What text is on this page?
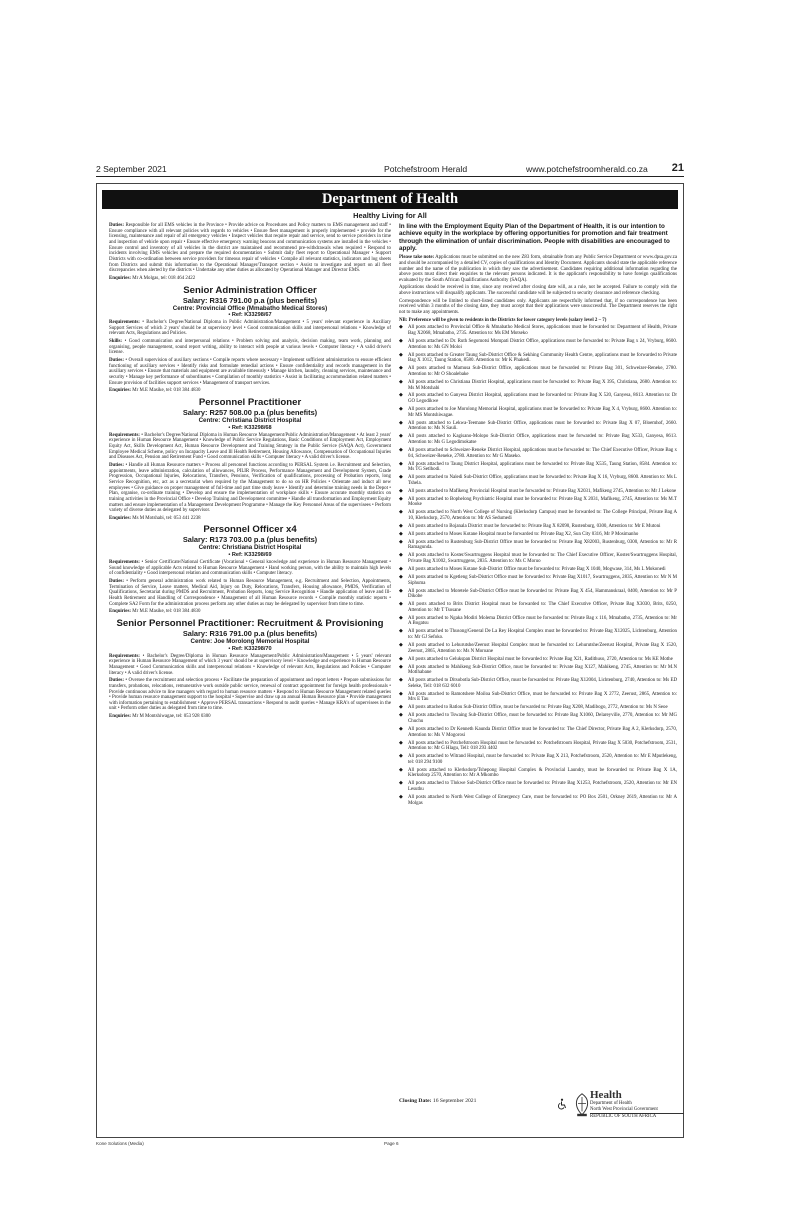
2 September 2021	Potchefstroom Herald	www.potchefstroomherald.co.za 21
Department of Health
Healthy Living for All

Duties: Responsible for all EMS vehicles in the Province • Provide advice on Procedures and Policy matters to EMS management and staff • Ensure compliance with all relevant policies with regards to vehicles • Ensure fleet management is properly implemented • provide for the licensing, maintenance and repair of all emergency vehicles • Inspect vehicles that require repair and service, send to service providers in time and inspection of vehicle upon repair • Ensure effective emergency warning beacons and communication systems are installed in the vehicles • Ensure control and inventory of all vehicles in the district are maintained and recommend pre-withdrawals when required • Respond to incidents involving EMS vehicles and prepare the required documentation • Submit daily fleet report to Operational Manager • Support Districts with co-ordination between service providers for timeous repair of vehicles • Compile all relevant statistics, indicators and log sheets from Districts and submit this information to the Operational Manager/Transport section • Assist to investigate and report on all fleet discrepancies when alerted by the districts • Undertake any other duties as allocated by Operational Manager and Director EMS.

Enquiries: Mr A Molgas, tel: 018 464 2422

Senior Administration Officer
Salary: R316 791.00 p.a (plus benefits)
Centre: Provincial Office (Mmabatho Medical Stores)
• Ref: K33298/67

Requirements: • Bachelor's Degree/National Diploma in Public Administration/Management • 5 years' relevant experience in Auxiliary Support Services of which 2 years' should be at supervisory level • Good communication skills and interpersonal relations • Knowledge of relevant Acts, Regulations and Policies.

Skills: • Good communication and interpersonal relations • Problem solving and analysis, decision making, team work, planning and organising, people management, sound report writing, ability to interact with people at various levels • Computer literacy • A valid driver's license.

Duties: • Overall supervision of auxiliary sections • Compile reports where necessary • Implement sufficient administration to ensure efficient functioning of auxiliary services • Identify risks and formulate remedial actions • Ensure confidentiality and records management in the auxiliary services • Ensure that materials and equipment are available timeously • Manage kitchen, laundry, cleaning services, maintenance and security • Manage key performance of subordinates • Compilation of monthly statistics • Assist in facilitating accommodation related matters • Ensure provision of facilities support services • Management of transport services.

Enquiries: Mr M.E Masike, tel: 018 384 4830

Personnel Practitioner
Salary: R257 508.00 p.a (plus benefits)
Centre: Christiana District Hospital
• Ref: K33298/68

Requirements: • Bachelor's Degree/National Diploma in Human Resource Management/Public Administration/Management • At least 2 years' experience in Human Resource Management • Knowledge of Public Service Regulations, Basic Conditions of Employment Act, Employment Equity Act, Skills Development Act, Human Resource Development and Training Strategy in the Public Service (SAQA Act), Government Employee Medical Scheme, policy on Incapacity Leave and Ill Health Retirement, Housing Allowance, Compensation of Occupational Injuries and Diseases Act, Pension and Retirement Fund • Good communication skills • Computer literacy • A valid driver's license.

Duties: • Handle all Human Resource matters • Process all personnel functions according to PERSAL System i.e. Recruitment and Selection, appointments, leave administration, calculation of allowances, PILIR Process, Performance Management and Development System, Grade Progression, Occupational Injuries, Relocations, Transfers, Pensions, Verification of qualifications, processing of Probation reports, long Service Recognition, etc, act as a secretariat when required by the Management to do so on HR Policies • Orientate and induct all new employees • Give guidance on proper management of full-time and part time study leave • Identify and determine training needs in the Depot • Plan, organise, co-ordinate training • Develop and ensure the implementation of workplace skills • Ensure accurate monthly statistics on training activities in the Provincial Office • Develop Training and Development committee • Handle all transformation and Employment Equity matters and ensure implementation of a Management Development Programme • Manage the Key Personnel Areas of the supervisees • Perform variety of diverse duties as delegated by supervisor.

Enquiries: Ms M Motshabi, tel: 053 441 2238

Personnel Officer x4
Salary: R173 703.00 p.a (plus benefits)
Centre: Christiana District Hospital
• Ref: K33298/69

Requirements: • Senior Certificate/National Certificate (Vocational • General knowledge and experience in Human Resource Management • Sound knowledge of applicable Acts related to Human Resource Management • Hand working person, with the ability to maintain high levels of confidentiality • Good interpersonal relation and communication skills • Computer literacy.

Duties: • Perform general administration work related to Human Resource Management, e.g. Recruitment and Selection, Appointments, Termination of Service, Leave matters, Medical Aid, Injury on Duty, Relocations, Transfers, Housing allowance, PMDS, Verification of Qualifications, Secretariat during PMDS and Recruitment, Probation Reports, long Service Recognition • Handle application of leave and Ill-Health Retirement and Handling of Correspondence • Management of all Human Resource records • Compile monthly statistic reports • Complete SA2 Form for the administration process perform any other duties as may be delegated by supervisor from time to time.

Enquiries: Mr M.E Masike, tel: 018 384 4830

Senior Personnel Practitioner: Recruitment & Provisioning
Salary: R316 791.00 p.a (plus benefits)
Centre: Joe Morolong Memorial Hospital
• Ref: K33298/70

Requirements: • Bachelor's Degree/Diploma in Human Resource Management/Public Administration/Management • 5 years' relevant experience in Human Resource Management of which 3 years' should be at supervisory level • Knowledge and experience in Human Resource Management • Good Communication skills and interpersonal relations • Knowledge of relevant Acts, Regulations and Policies • Computer literacy • A valid driver's license.

Duties: • Oversee the recruitment and selection process • Facilitate the preparation of appointment and report letters • Prepare submissions for transfers, probations, relocations, remunerative work outside public service, renewal of contract appointment for foreign health professionals • Provide continuous advice to line managers with regard to human resource matters • Respond to Human Resource Management related queries • Provide human resource management support to the hospital • Supervise and draw up an annual Human Resource plan • Provide management with information pertaining to establishment • Approve PERSAL transactions • Respond to audit queries • Manage KRA's of supervisees in the unit • Perform other duties as delegated from time to time.

Enquiries: Mr M Montshiwagae, tel: 053 928 0300

In line with the Employment Equity Plan of the Department of Health, it is our intention to achieve equity in the workplace by offering opportunities for promotion and fair treatment through the elimination of unfair discrimination. People with disabilities are encouraged to apply.

Please take note: Applications must be submitted on the new Z83 form, obtainable from any Public Service Department or www.dpsa.gov.za and should be accompanied by a detailed CV, copies of qualifications and Identity Document. Applicants should state the applicable reference number and the name of the publication in which they saw the advertisement. Candidates requiring additional information regarding the above posts must direct their enquiries to the relevant persons indicated. It is the applicant's responsibility to have foreign qualifications evaluated by the South African Qualifications Authority (SAQA).

Applications should be received in time, since any received after closing date will, as a rule, not be accepted. Failure to comply with the above instructions will disqualify applicants. The successful candidate will be subjected to security clearance and reference checking.

Correspondence will be limited to short-listed candidates only. Applicants are respectfully informed that, if no correspondence has been received within 3 months of the closing date, they must accept that their applications were unsuccessful. The Department reserves the right not to make any appointments.

NB: Preference will be given to residents in the Districts for lower category levels (salary level 2 – 7)

◆ All posts attached to Provincial Office & Mmabatho Medical Stores, applications must be forwarded to: Department of Health, Private Bag X2068, Mmabatho, 2735. Attention to: Ms EM Motseko
◆ All posts attached to Dr. Ruth Segomotsi Mompati District Office, applications must be forwarded to: Private Bag x 24, Vryburg, 8600. Attention to: Ms GN Moloi
◆ All posts attached to Greater Taung Sub-District Office & Sekhing Community Health Centre, applications must be forwarded to Private Bag X 1012, Taung Station, 8580. Attention to: Mr K Phakedi.
◆ All posts attached to Mamusa Sub-District Office, applications must be forwarded to: Private Bag 301, Schweizer-Reneke, 2780. Attention to: Mr O Shoalebake
◆ All posts attached to Christiana District Hospital, applications must be forwarded to: Private Bag X 395, Christiana, 2680. Attention to: Ms M Motshabi
◆ All posts attached to Ganyesa District Hospital, applications must be forwarded to: Private Bag X 520, Ganyesa, 8613. Attention to: Dr GO Legodikwe
◆ All posts attached to Joe Morolong Memorial Hospital, applications must be forwarded to: Private Bag X 4, Vryburg, 8600. Attention to: Mr MS Montshiwagae.
◆ All posts attached to Lekwa-Teemane Sub-District Office, applications must be forwarded to: Private Bag X 07, Bloemhof, 2660. Attention to: Ms N Sauli.
◆ All posts attached to Kagisano-Molopo Sub-District Office, applications must be forwarded to: Private Bag X533, Ganyesa, 8613. Attention to: Ms G Legodimokatse
◆ All posts attached to Schweizer-Reneke District Hospital, applications must be forwarded to: The Chief Executive Officer, Private Bag x 04, Schweizer-Reneke, 2780. Attention to: Mr G Maseko.
◆ All posts attached to Taung District Hospital, applications must be forwarded to: Private Bag X535, Taung Station, 8584. Attention to: Ms TG Setlhodi.
◆ All posts attached to Naledi Sub-District Office, applications must be forwarded to: Private Bag X 16, Vryburg, 8600. Attention to: Ms L Tshela.
◆ All posts attached to Mafikeng Provincial Hospital must be forwarded to: Private Bag X2031, Mafikeng 2745, Attention to: Mr J Lekone
◆ All posts attached to Bophelong Psychiatric Hospital must be forwarded to: Private Bag X 2031, Mafikeng, 2745, Attention to: Ms M.T Mooke
◆ All posts attached to North West College of Nursing (Klerksdorp Campus) must be forwarded to: The College Principal, Private Bag A 10, Klerksdorp, 2570, Attention to: Mr AS Sedumedi
◆ All posts attached to Bojanala District must be forwarded to: Private Bag X 82090, Rustenburg, 0300, Attention to: Mr E Mutoni
◆ All posts attached to Moses Kotane Hospital must be forwarded to: Private Bag X2, Sun City 0316, Mr P Mosimanho
◆ All posts attached to Rustenburg Sub-District Office must be forwarded to: Private Bag X82003, Rustenburg, 0300, Attention to: Mr R Ramagunda.
◆ All posts attached to Koster/Swartruggens Hospital must be forwarded to: The Chief Executive Officer, Koster/Swartruggens Hospital, Private Bag X1002, Swartruggens, 2835. Attention to: Ms C Moruo
◆ All posts attached to Moses Kotane Sub-District Office must be forwarded to: Private Bag X 1040, Mogwase, 314, Ms L Mokonedi
◆ All posts attached to Kgetleng Sub-District Office must be forwarded to: Private Bag X1017, Swartruggens, 2835, Attention to: Mr N M Siphuma
◆ All posts attached to Moretele Sub-District Office must be forwarded to: Private Bag X 454, Hammanskraal, 0400, Attention to: Mr P Dikobe
◆ All posts attached to Brits District Hospital must be forwarded to: The Chief Executive Officer, Private Bag X3030, Brits, 0250, Attention to: Mr T Tsosane
◆ All posts attached to Ngaka Modiri Molema District Office must be forwarded to: Private Bag x 116, Mmabatho, 2735, Attention to: Mr A Bogatsu
◆ All posts attached to Thusong/General De La Rey Hospital Complex must be forwarded to: Private Bag X12025, Lichtenburg, Attention to: Mr GJ Sefoko.
◆ All posts attached to Lehurutshe/Zeerust Hospital Complex must be forwarded to: Lehurutshe/Zeerust Hospital, Private Bag X 1520, Zeerust, 2865, Attention to: Ms N Moroane
◆ All posts attached to Gelukspan District Hospital must be forwarded to: Private Bag X21, Radithuso, 2720, Attention to: Ms KE Mothe
◆ All posts attached to Mahikeng Sub-District Office, must be forwarded to: Private Bag X127, Mahikeng, 2745, Attention to: Mr M.N Motlhabane
◆ All posts attached to Ditsobotla Sub-District Office, must be forwarded to: Private Bag X12004, Lichtenburg, 2740, Attention to: Ms ED Seleke, Tell: 018 632 6010
◆ All posts attached to Ramotshere Moiloa Sub-District Office, must be forwarded to: Private Bag X 2772, Zeerust, 2865, Attention to: Mrs E Tau
◆ All posts attached to Ratlou Sub-District Office, must be forwarded to: Private Bag X208, Madibogo, 2772, Attention to: Ms N Seoe
◆ All posts attached to Tswaing Sub-District Office, must be forwarded to: Private Bag X1060, Delareyville, 2770, Attention to: Mr MG Chuchu
◆ All posts attached to Dr Kenneth Kaunda District Office must be forwarded to: The Chief Director, Private Bag A 2, Klerksdorp, 2570, Attention to: Ms V Mogorosi
◆ All posts attached to Potchefstroom Hospital must be forwarded to: Potchefstroom Hospital, Private Bag X 5030, Potchefstroom, 2531, Attention to: Mr G Hlagu, Tell: 018 293 4402
◆ All posts attached to Witrand Hospital, must be forwarded to: Private Bag X 213, Potchefstroom, 2520, Attention to: Mr E Mputlekeng, tel: 018 294 9100
◆ All posts attached to Klerksdorp/Tshepong Hospital Complex & Provincial Laundry, must be forwarded to: Private Bag X 1A, Klerksdorp 2570, Attention to: Mr A Mkombo
◆ All posts attached to Tlokwe Sub-District Office must be forwarded to: Private Bag X1253, Potchefstroom, 2520, Attention to: Mr EN Lesuthu
◆ All posts attached to North West College of Emergency Care, must be forwarded to: PO Box 2501, Orkney 2619, Attention to: Mr A Molgas
Closing Date: 16 September 2021	Health
Department of Health
North West Provincial Government
REPUBLIC OF SOUTH AFRICA
Kone Solutions (Media)	Page 6
